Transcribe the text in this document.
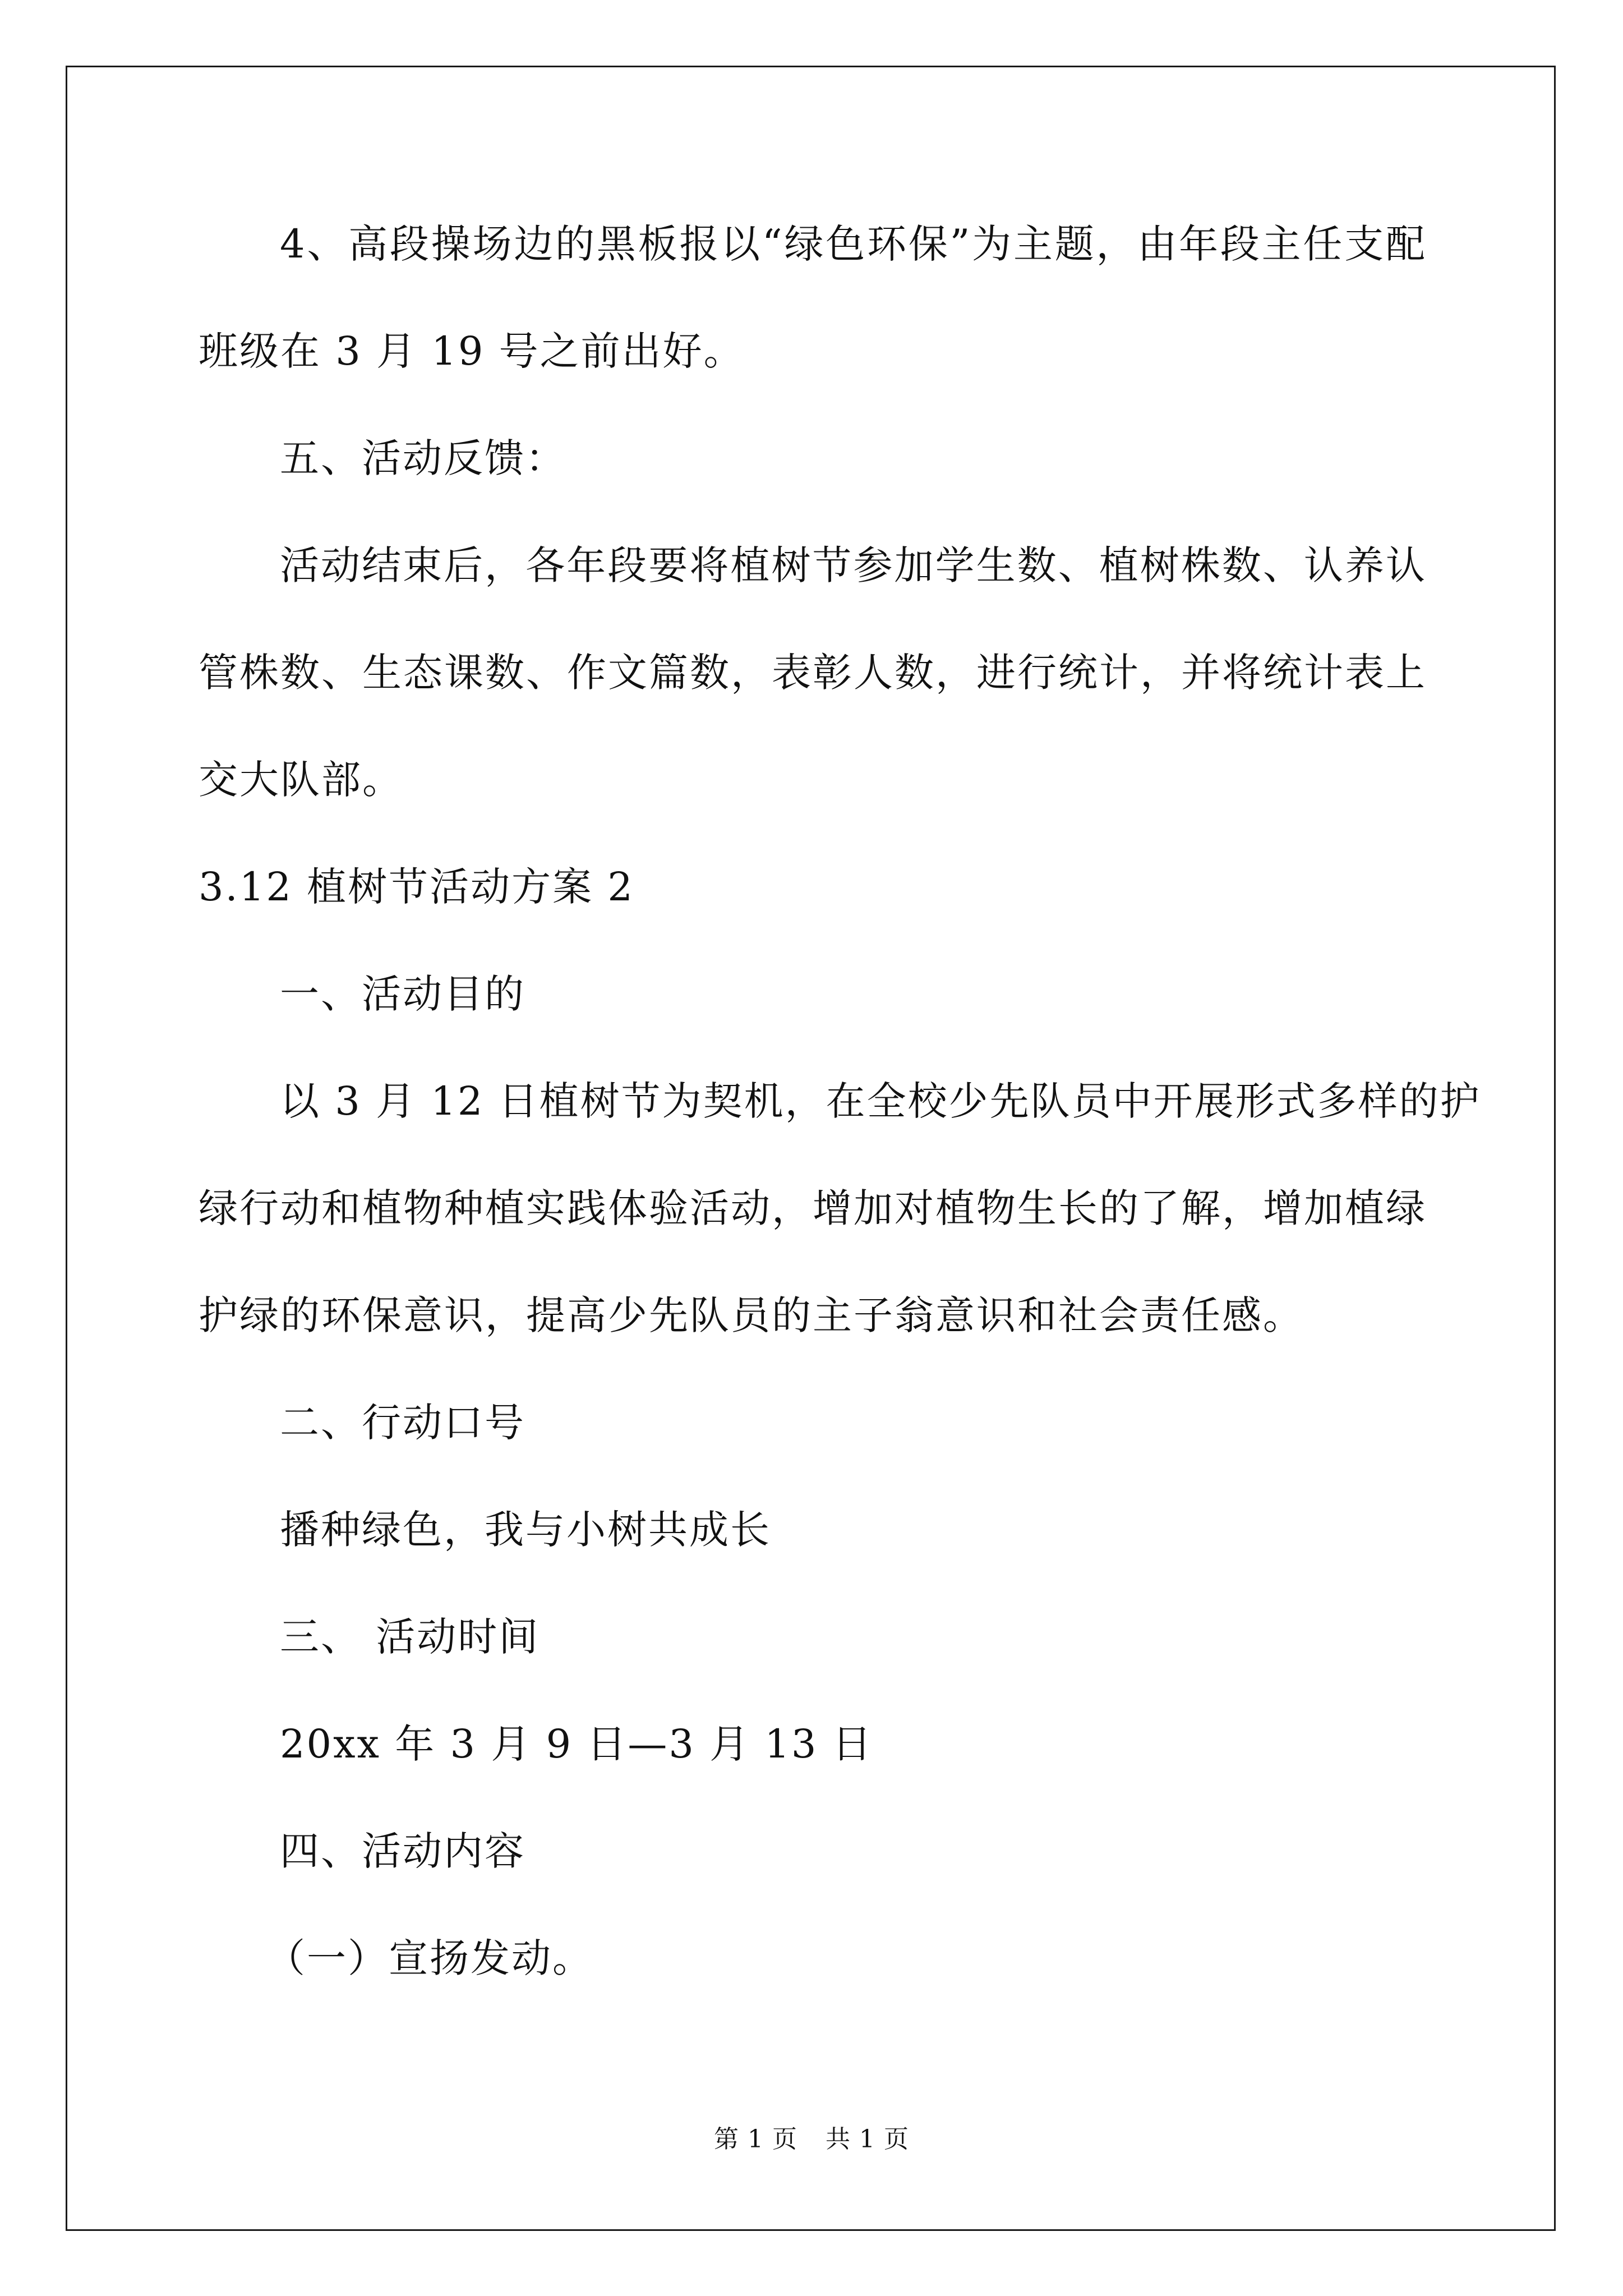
4、高段操场边的黑板报以“绿色环保”为主题，由年段主任支配
班级在 3 月 19 号之前出好。
五、活动反馈：
活动结束后，各年段要将植树节参加学生数、植树株数、认养认
管株数、生态课数、作文篇数，表彰人数，进行统计，并将统计表上
交大队部。
3.12 植树节活动方案 2
一、活动目的
以 3 月 12 日植树节为契机，在全校少先队员中开展形式多样的护
绿行动和植物种植实践体验活动，增加对植物生长的了解，增加植绿
护绿的环保意识，提高少先队员的主子翁意识和社会责任感。
二、行动口号
播种绿色，我与小树共成长
三、 活动时间
20xx 年 3 月 9 日—3 月 13 日
四、活动内容
（一）宣扬发动。
第 1 页 共 1 页
